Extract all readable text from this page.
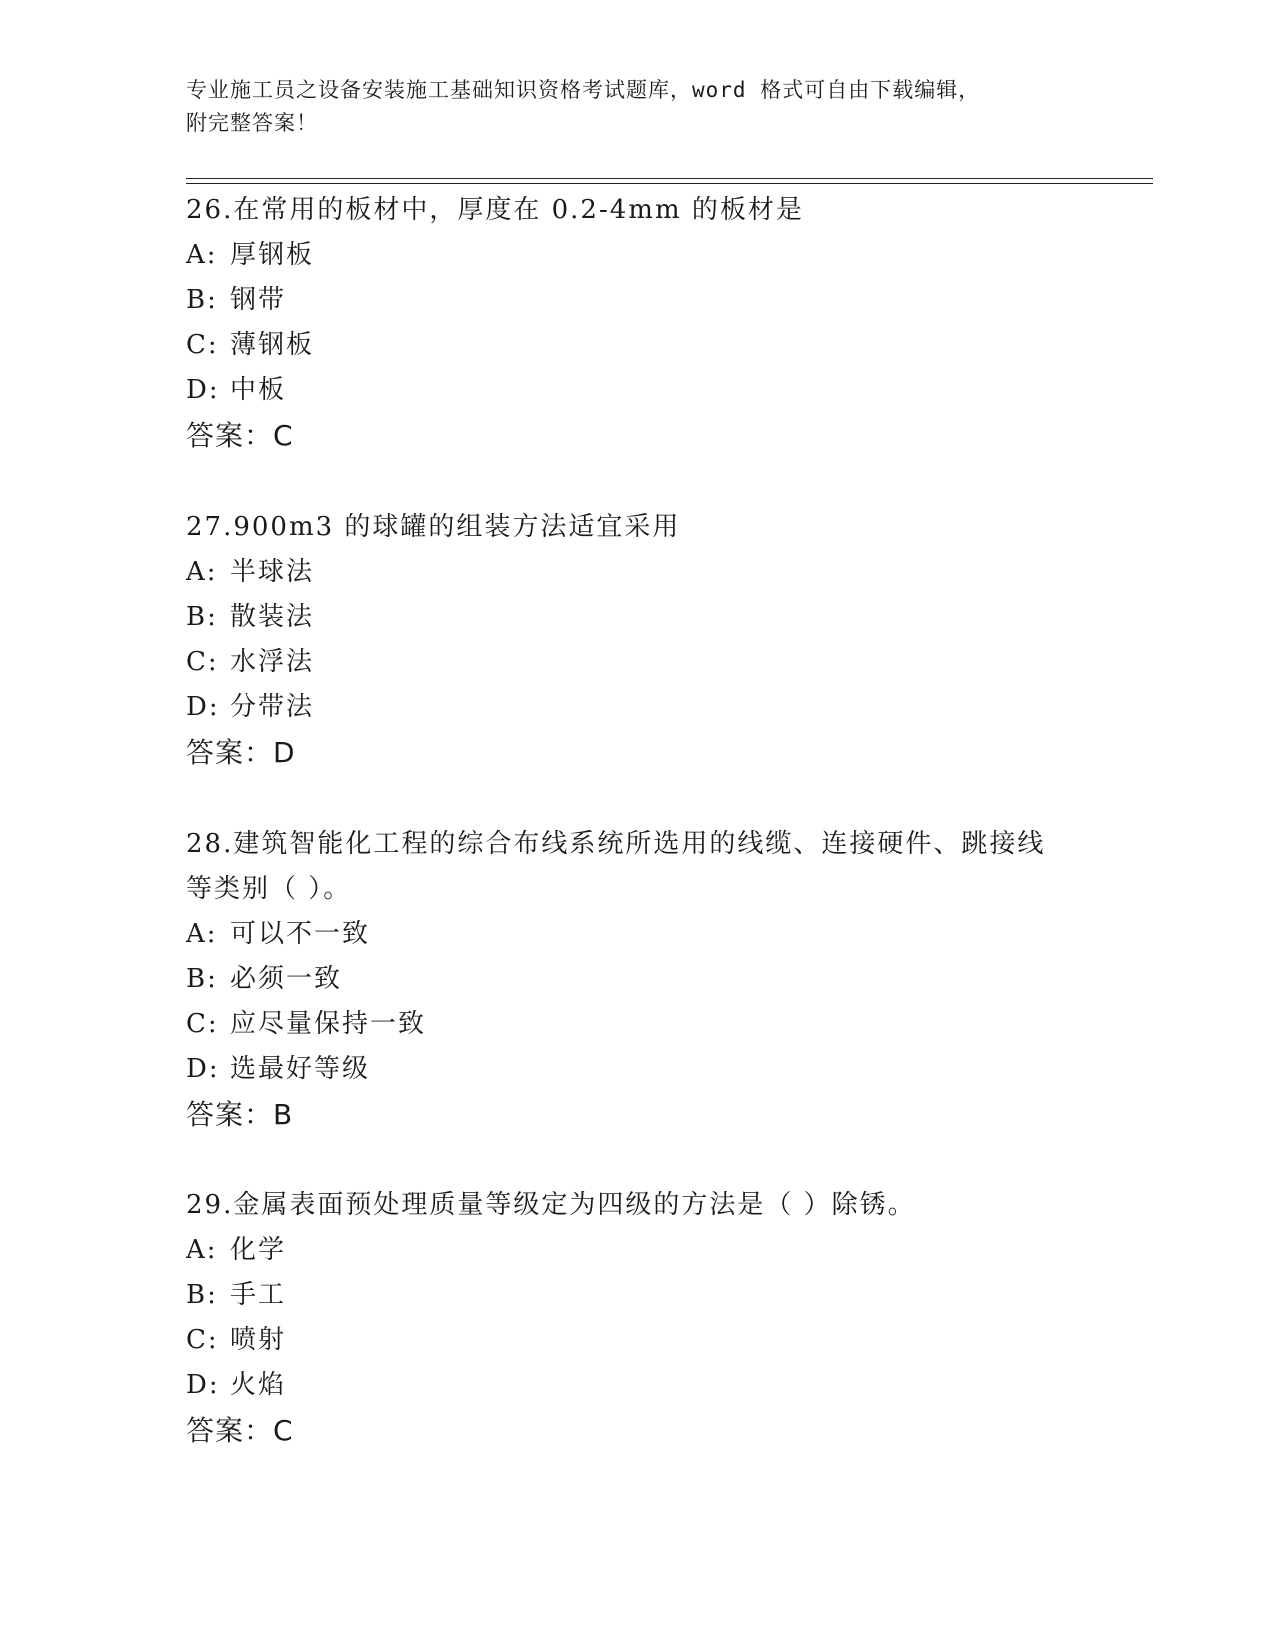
专业施工员之设备安装施工基础知识资格考试题库，word 格式可自由下载编辑，
附完整答案！

26.在常用的板材中，厚度在 0.2-4mm 的板材是

A: 厚钢板

B: 钢带

C: 薄钢板

D: 中板

答案：C

27.900m3 的球罐的组装方法适宜采用

A: 半球法

B: 散装法

C: 水浮法

D: 分带法

答案：D

28.建筑智能化工程的综合布线系统所选用的线缆、连接硬件、跳接线

等类别（ ）。

A: 可以不一致

B: 必须一致

C: 应尽量保持一致

D: 选最好等级

答案：B

29.金属表面预处理质量等级定为四级的方法是（ ）除锈。

A: 化学

B: 手工

C: 喷射

D: 火焰

答案：C
